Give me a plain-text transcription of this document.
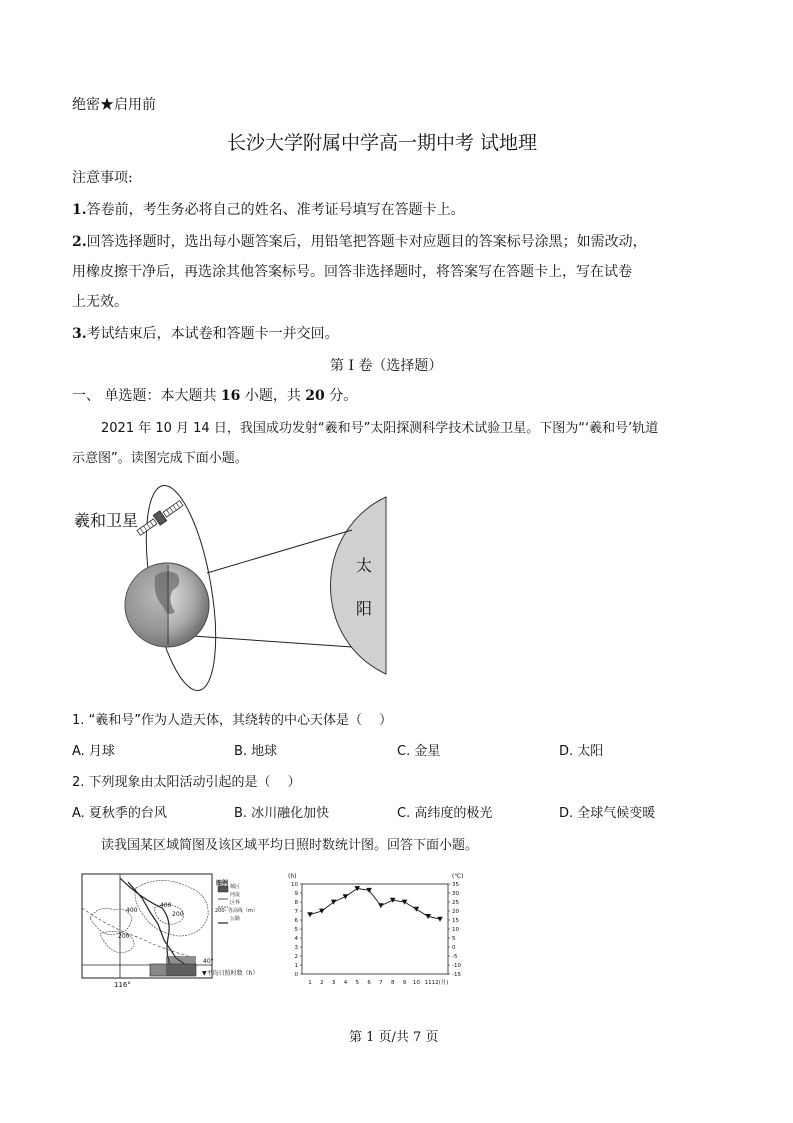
绝密★启用前
长沙大学附属中学高一期中考 试地理
注意事项:
1.答卷前，考生务必将自己的姓名、准考证号填写在答题卡上。
2.回答选择题时，选出每小题答案后，用铅笔把答题卡对应题目的答案标号涂黑；如需改动，
用橡皮擦干净后，再选涂其他答案标号。回答非选择题时，将答案写在答题卡上，写在试卷
上无效。
3.考试结束后，本试卷和答题卡一并交回。
第 I 卷（选择题）
一、 单选题：本大题共 16 小题，共 20 分。
2021 年 10 月 14 日，我国成功发射“羲和号”太阳探测科学技术试验卫星。下图为“‘羲和号’轨道
示意图”。读图完成下面小题。
羲和卫星
太
阳
1. “羲和号”作为人造天体，其绕转的中心天体是（　 ）
A. 月球	B. 地球	C. 金星	D. 太阳
2. 下列现象由太阳活动引起的是（　 ）
A. 夏秋季的台风	B. 冰川融化加快	C. 高纬度的极光	D. 全球气候变暖
读我国某区域简图及该区域平均日照时数统计图。回答下面小题。
400
400
200
200
40°
116°
图例 城区
河流
区界
200- 等高线（m）
公路
▼平均日照时数（h）
10
9
8
7
6
5
4
3
2
1
0
35
30
25
20
15
10
5
0
-5
-10
-15
1 2 3 4 5 6 7 8 9 10 11 12(月)
(h)	(℃)
第 1 页/共 7 页
